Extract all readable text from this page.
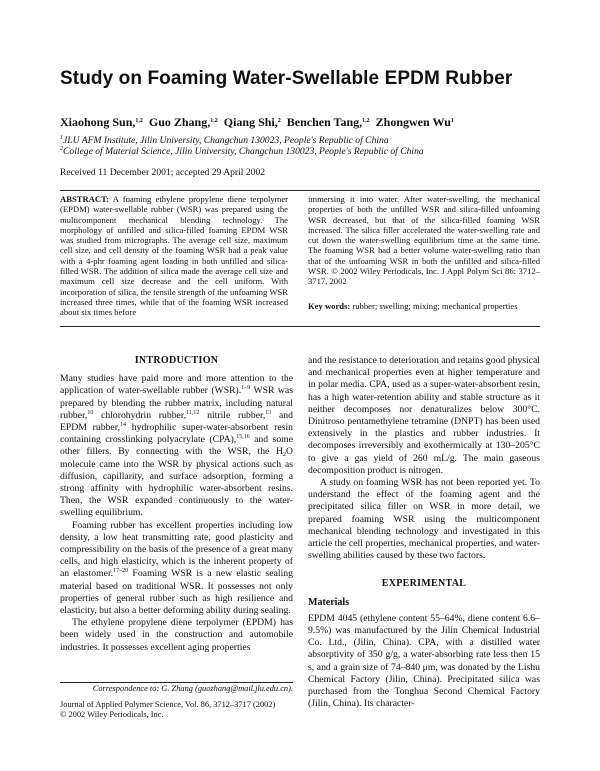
Study on Foaming Water-Swellable EPDM Rubber
Xiaohong Sun,$^{1,2}$ Guo Zhang,$^{1,2}$ Qiang Shi,$^2$ Benchen Tang,$^{1,2}$ Zhongwen Wu$^1$
$^1$JLU AFM Institute, Jilin University, Changchun 130023, People's Republic of China
$^2$College of Material Science, Jilin University, Changchun 130023, People's Republic of China
Received 11 December 2001; accepted 29 April 2002
ABSTRACT: A foaming ethylene propylene diene terpolymer (EPDM) water-swellable rubber (WSR) was prepared using the multicomponent mechanical blending technology. The morphology of unfilled and silica-filled foaming EPDM WSR was studied from micrographs. The average cell size, maximum cell size, and cell density of the foaming WSR had a peak value with a 4-phr foaming agent loading in both unfilled and silica-filled WSR. The addition of silica made the average cell size and maximum cell size decrease and the cell uniform. With incorporation of silica, the tensile strength of the unfoaming WSR increased three times, while that of the foaming WSR increased about six times before
immersing it into water. After water-swelling, the mechanical properties of both the unfilled WSR and silica-filled unfoaming WSR decreased, but that of the silica-filled foaming WSR increased. The silica filler accelerated the water-swelling rate and cut down the water-swelling equilibrium time at the same time. The foaming WSR had a better volume water-swelling ratio than that of the unfoaming WSR in both the unfilled and silica-filled WSR. © 2002 Wiley Periodicals, Inc. J Appl Polym Sci 86: 3712–3717, 2002
Key words: rubber; swelling; mixing; mechanical properties
INTRODUCTION

Many studies have paid more and more attention to the application of water-swellable rubber (WSR).$^{1-9}$ WSR was prepared by blending the rubber matrix, including natural rubber,$^{10}$ chlorohydrin rubber,$^{11,12}$ nitrile rubber,$^{13}$ and EPDM rubber,$^{14}$ hydrophilic super-water-absorbent resin containing crosslinking polyacrylate (CPA),$^{15,16}$ and some other fillers. By connecting with the WSR, the $H_2O$ molecule came into the WSR by physical actions such as diffusion, capillarity, and surface adsorption, forming a strong affinity with hydrophilic water-absorbent resins. Then, the WSR expanded continuously to the water-swelling equilibrium.

Foaming rubber has excellent properties including low density, a low heat transmitting rate, good plasticity and compressibility on the basis of the presence of a great many cells, and high elasticity, which is the inherent property of an elastomer.$^{17-20}$ Foaming WSR is a new elastic sealing material based on traditional WSR. It possesses not only properties of general rubber such as high resilience and elasticity, but also a better deforming ability during sealing.

The ethylene propylene diene terpolymer (EPDM) has been widely used in the construction and automobile industries. It possesses excellent aging properties

and the resistance to deterioration and retains good physical and mechanical properties even at higher temperature and in polar media. CPA, used as a super-water-absorbent resin, has a high water-retention ability and stable structure as it neither decomposes nor denaturalizes below 300°C. Dinitroso pentamethylene tetramine (DNPT) has been used extensively in the plastics and rubber industries. It decomposes irreversibly and exothermically at 130–205°C to give a gas yield of 260 mL/g. The main gaseous decomposition product is nitrogen.

A study on foaming WSR has not been reported yet. To understand the effect of the foaming agent and the precipitated silica filler on WSR in more detail, we prepared foaming WSR using the multicomponent mechanical blending technology and investigated in this article the cell properties, mechanical properties, and water-swelling abilities caused by these two factors.

EXPERIMENTAL
Materials

EPDM 4045 (ethylene content 55–64%, diene content 6.6–9.5%) was manufactured by the Jilin Chemical Industrial Co. Ltd., (Jilin, China). CPA, with a distilled water absorptivity of 350 g/g, a water-absorbing rate less then 15 s, and a grain size of 74–840 μm, was donated by the Lishu Chemical Factory (Jilin, China). Precipitated silica was purchased from the Tonghua Second Chemical Factory (Jilin, China). Its character-

Correspondence to: G. Zhang (guozhang@mail.jlu.edu.cn).
Journal of Applied Polymer Science, Vol. 86, 3712–3717 (2002)
© 2002 Wiley Periodicals, Inc.
